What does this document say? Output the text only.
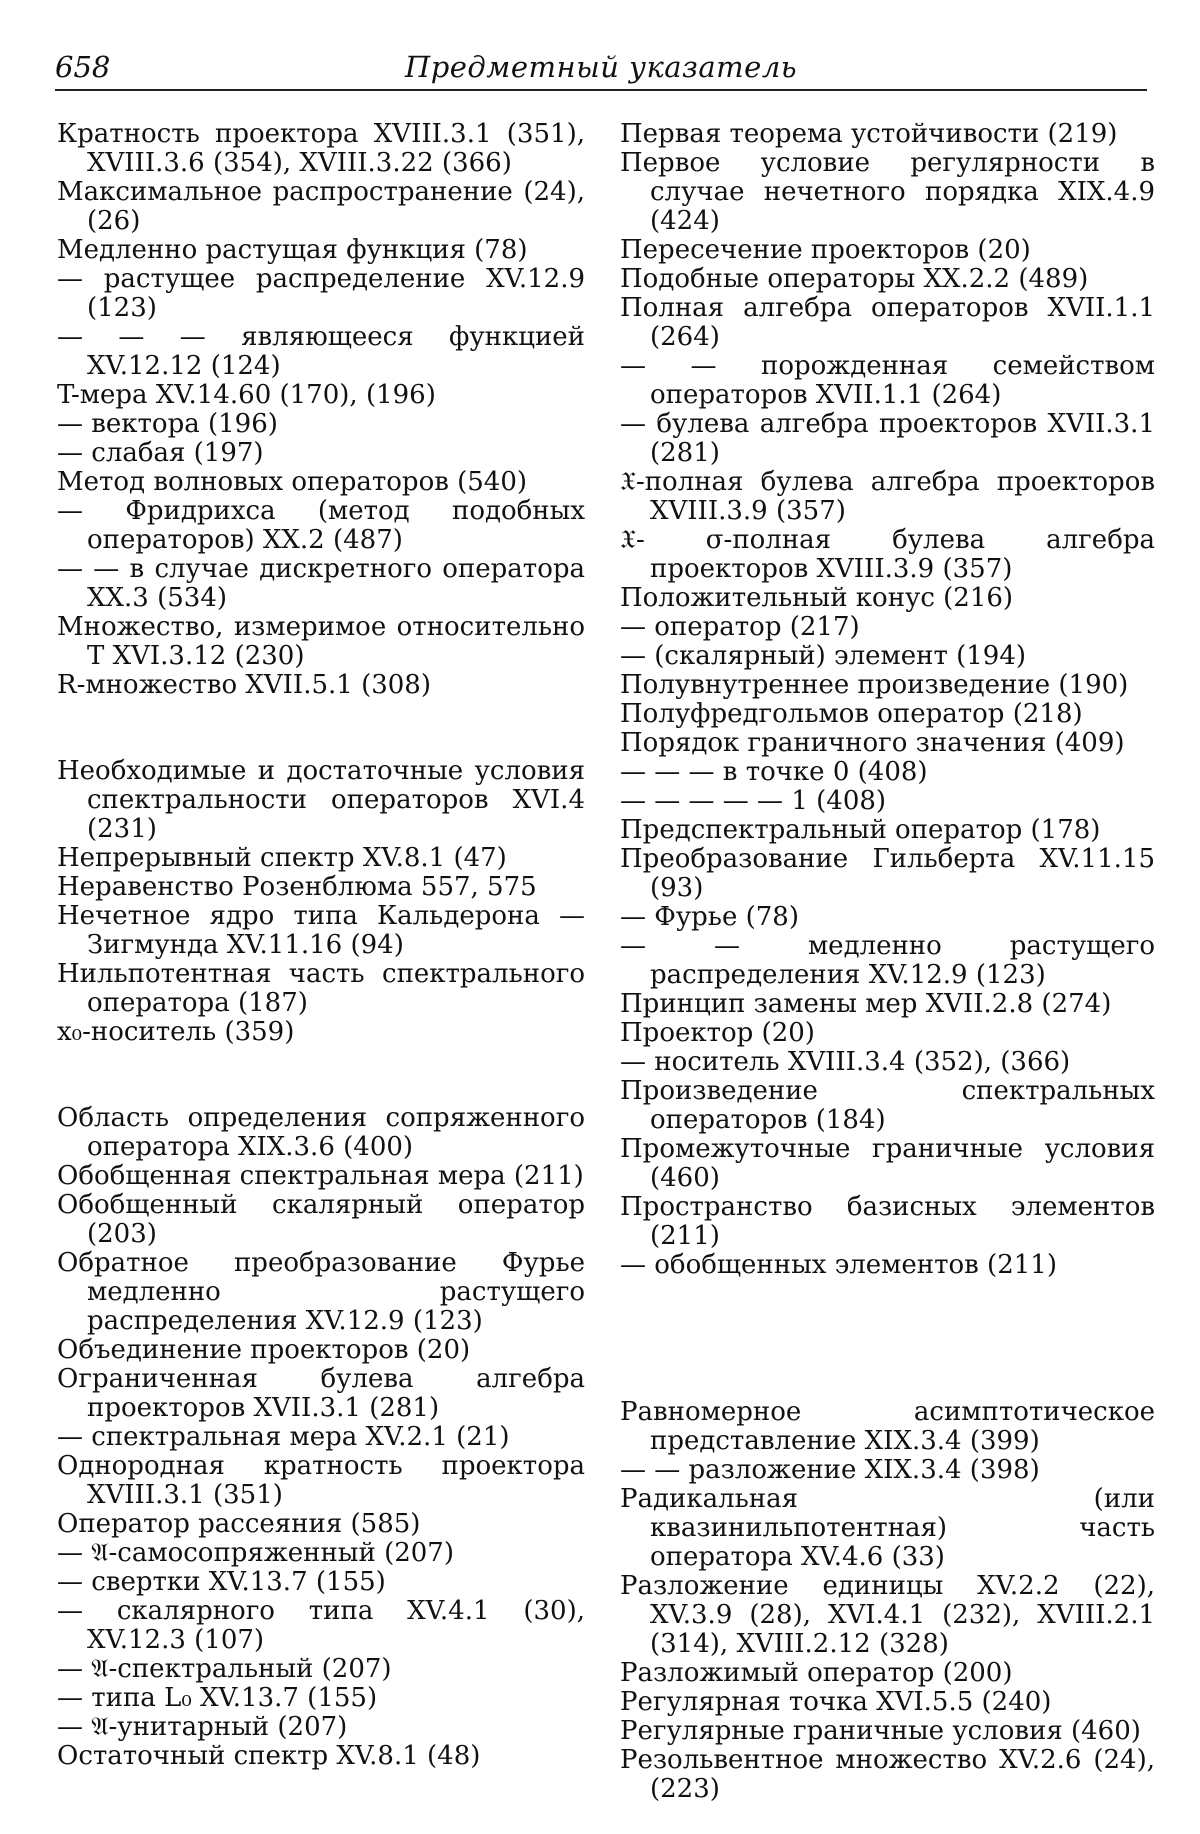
658	Предметный указатель

Кратность проектора XVIII.3.1 (351), XVIII.3.6 (354), XVIII.3.22 (366)

Максимальное распространение (24), (26)

Медленно растущая функция (78)

— растущее распределение XV.12.9 (123)

— — — являющееся функцией XV.12.12 (124)

T-мера XV.14.60 (170), (196)

— вектора (196)

— слабая (197)

Метод волновых операторов (540)

— Фридрихса (метод подобных операторов) XX.2 (487)

— — в случае дискретного оператора XX.3 (534)

Множество, измеримое относительно T XVI.3.12 (230)

R-множество XVII.5.1 (308)

Необходимые и достаточные условия спектральности операторов XVI.4 (231)

Непрерывный спектр XV.8.1 (47)

Неравенство Розенблюма 557, 575

Нечетное ядро типа Кальдерона — Зигмунда XV.11.16 (94)

Нильпотентная часть спектрального оператора (187)

x₀-носитель (359)

Область определения сопряженного оператора XIX.3.6 (400)

Обобщенная спектральная мера (211)

Обобщенный скалярный оператор (203)

Обратное преобразование Фурье медленно растущего распределения XV.12.9 (123)

Объединение проекторов (20)

Ограниченная булева алгебра проекторов XVII.3.1 (281)

— спектральная мера XV.2.1 (21)

Однородная кратность проектора XVIII.3.1 (351)

Оператор рассеяния (585)

— 𝔄-самосопряженный (207)

— свертки XV.13.7 (155)

— скалярного типа XV.4.1 (30), XV.12.3 (107)

— 𝔄-спектральный (207)

— типа L₀ XV.13.7 (155)

— 𝔄-унитарный (207)

Остаточный спектр XV.8.1 (48)

Первая теорема устойчивости (219)

Первое условие регулярности в случае нечетного порядка XIX.4.9 (424)

Пересечение проекторов (20)

Подобные операторы XX.2.2 (489)

Полная алгебра операторов XVII.1.1 (264)

— — порожденная семейством операторов XVII.1.1 (264)

— булева алгебра проекторов XVII.3.1 (281)

𝔛-полная булева алгебра проекторов XVIII.3.9 (357)

𝔛- σ-полная булева алгебра проекторов XVIII.3.9 (357)

Положительный конус (216)

— оператор (217)

— (скалярный) элемент (194)

Полувнутреннее произведение (190)

Полуфредгольмов оператор (218)

Порядок граничного значения (409)

— — — в точке 0 (408)

— — — — — 1 (408)

Предспектральный оператор (178)

Преобразование Гильберта XV.11.15 (93)

— Фурье (78)

— — медленно растущего распределения XV.12.9 (123)

Принцип замены мер XVII.2.8 (274)

Проектор (20)

— носитель XVIII.3.4 (352), (366)

Произведение спектральных операторов (184)

Промежуточные граничные условия (460)

Пространство базисных элементов (211)

— обобщенных элементов (211)

Равномерное асимптотическое представление XIX.3.4 (399)

— — разложение XIX.3.4 (398)

Радикальная (или квазинильпотентная) часть оператора XV.4.6 (33)

Разложение единицы XV.2.2 (22), XV.3.9 (28), XVI.4.1 (232), XVIII.2.1 (314), XVIII.2.12 (328)

Разложимый оператор (200)

Регулярная точка XVI.5.5 (240)

Регулярные граничные условия (460)

Резольвентное множество XV.2.6 (24), (223)
